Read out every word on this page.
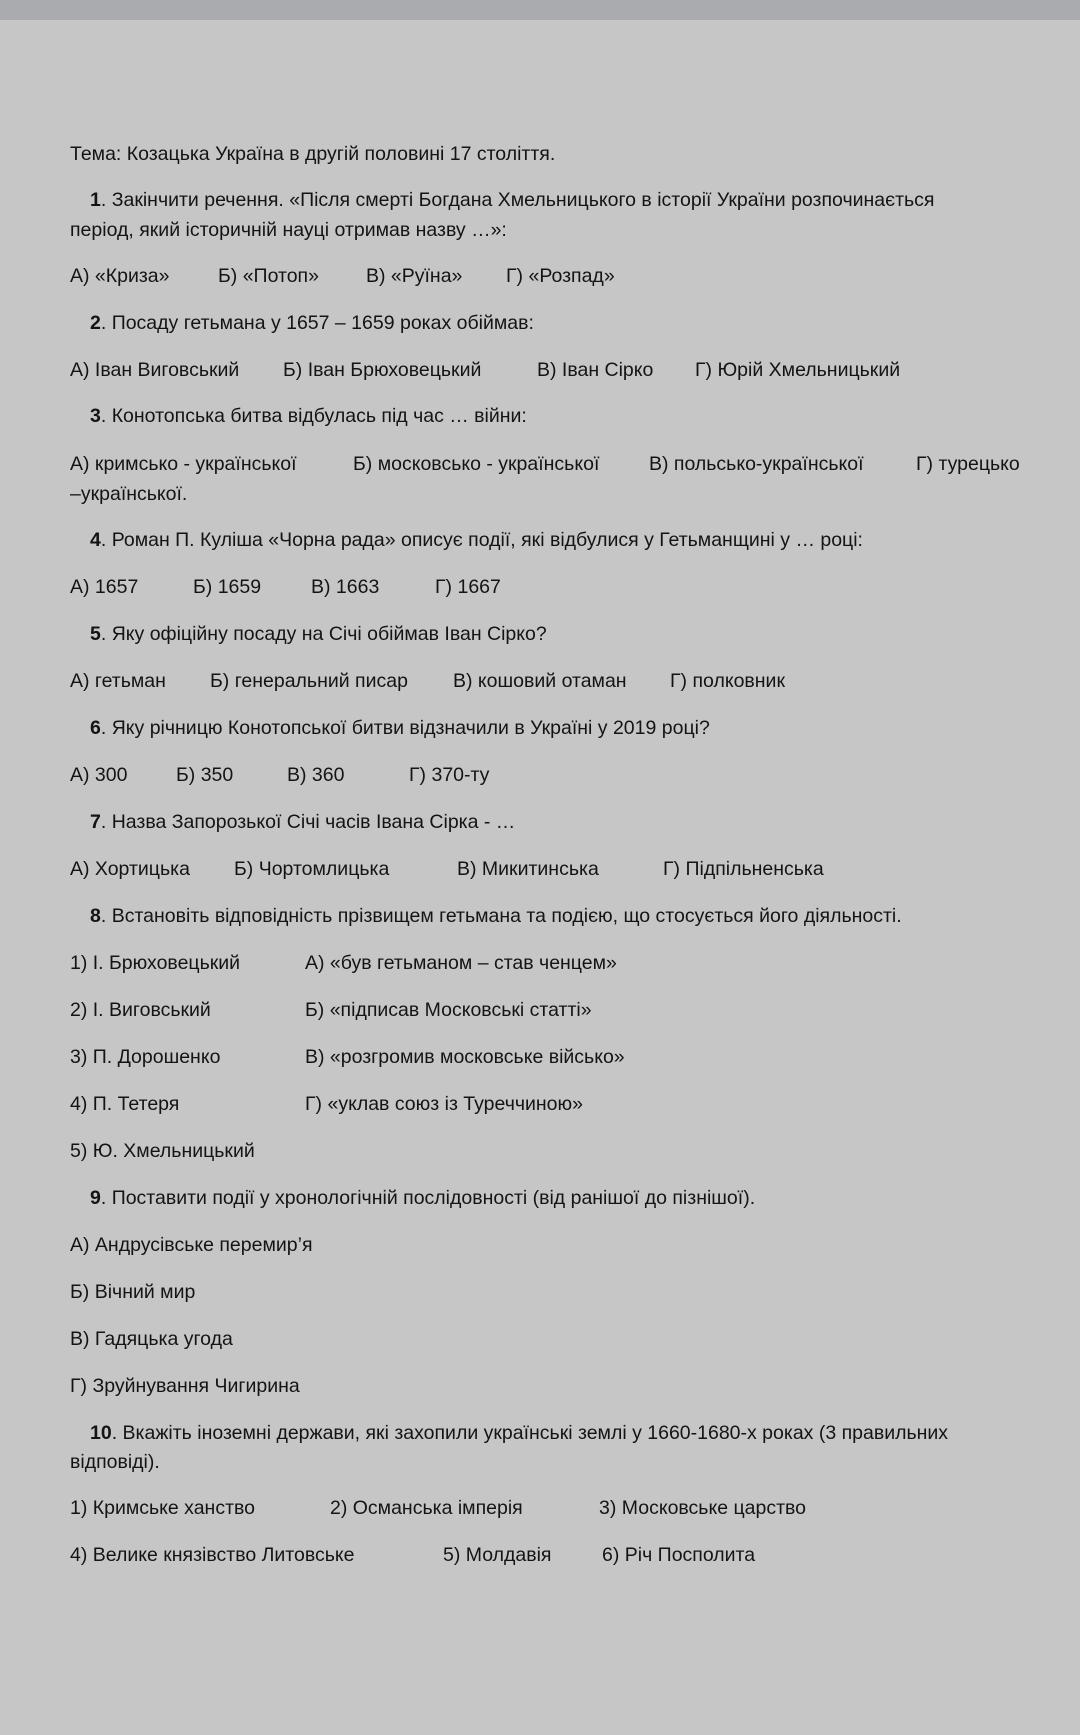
Тема: Козацька Україна в другій половині 17 століття.
1. Закінчити речення. «Після смерті Богдана Хмельницького в історії України розпочинається
період, який історичній науці отримав назву …»:
А) «Криза» Б) «Потоп» В) «Руїна» Г) «Розпад»
2. Посаду гетьмана у 1657 – 1659 роках обіймав:
А) Іван Виговський Б) Іван Брюховецький	В) Іван Сірко Г) Юрій Хмельницький
3. Конотопська битва відбулась під час … війни:
А) кримсько - української	Б) московсько - української	В) польсько-української	Г) турецько
–української.
4. Роман П. Куліша «Чорна рада» описує події, які відбулися у Гетьманщині у … році:
А) 1657	Б) 1659	В) 1663	Г) 1667
5. Яку офіційну посаду на Січі обіймав Іван Сірко?
А) гетьман Б) генеральний писар В) кошовий отаман Г) полковник
6. Яку річницю Конотопської битви відзначили в Україні у 2019 році?
А) 300 Б) 350	В) 360	Г) 370-ту
7. Назва Запорозької Січі часів Івана Сірка - …
А) Хортицька Б) Чортомлицька	В) Микитинська	Г) Підпільненська
8. Встановіть відповідність прізвищем гетьмана та подією, що стосується його діяльності.
1) І. Брюховецький	А) «був гетьманом – став ченцем»
2) І. Виговський	Б) «підписав Московські статті»
3) П. Дорошенко	В) «розгромив московське військо»
4) П. Тетеря	Г) «уклав союз із Туреччиною»
5) Ю. Хмельницький
9. Поставити події у хронологічній послідовності (від ранішої до пізнішої).
А) Андрусівське перемир’я
Б) Вічний мир
В) Гадяцька угода
Г) Зруйнування Чигирина
10. Вкажіть іноземні держави, які захопили українські землі у 1660-1680-х роках (3 правильних
відповіді).
1) Кримське ханство	2) Османська імперія	3) Московське царство
4) Велике князівство Литовське	5) Молдавія	6) Річ Посполита
